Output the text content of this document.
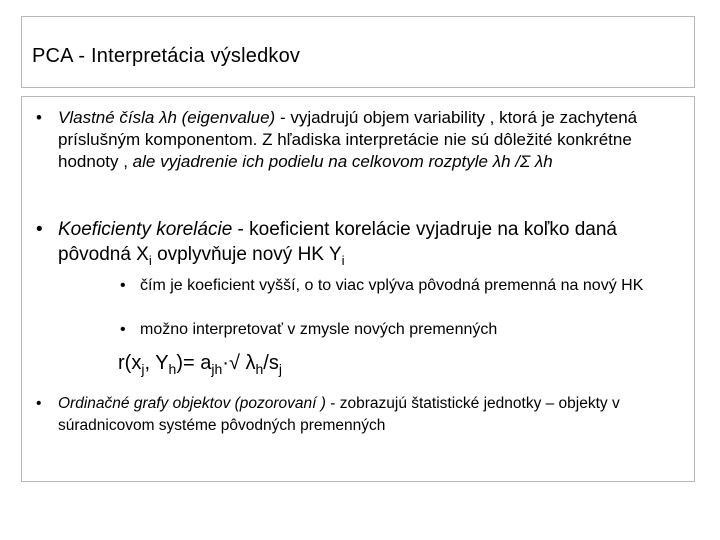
PCA - Interpretácia výsledkov
• Vlastné čísla λh (eigenvalue) - vyjadrujú objem variability , ktorá je zachytená príslušným komponentom. Z hľadiska interpretácie nie sú dôležité konkrétne hodnoty , ale vyjadrenie ich podielu na celkovom rozptyle λh /Σ λh
• Koeficienty korelácie - koeficient korelácie vyjadruje na koľko daná pôvodná $X_i$ ovplyvňuje nový HK $Y_i$
• čím je koeficient vyšší, o to viac vplýva pôvodná premenná na nový HK
• možno interpretovať v zmysle nových premenných
$r(x_j$, $Y_h)= a_{jh}\cdot√$ $\lambda_h/s_j$
• Ordinačné grafy objektov (pozorovaní ) - zobrazujú štatistické jednotky – objekty v súradnicovom systéme pôvodných premenných
